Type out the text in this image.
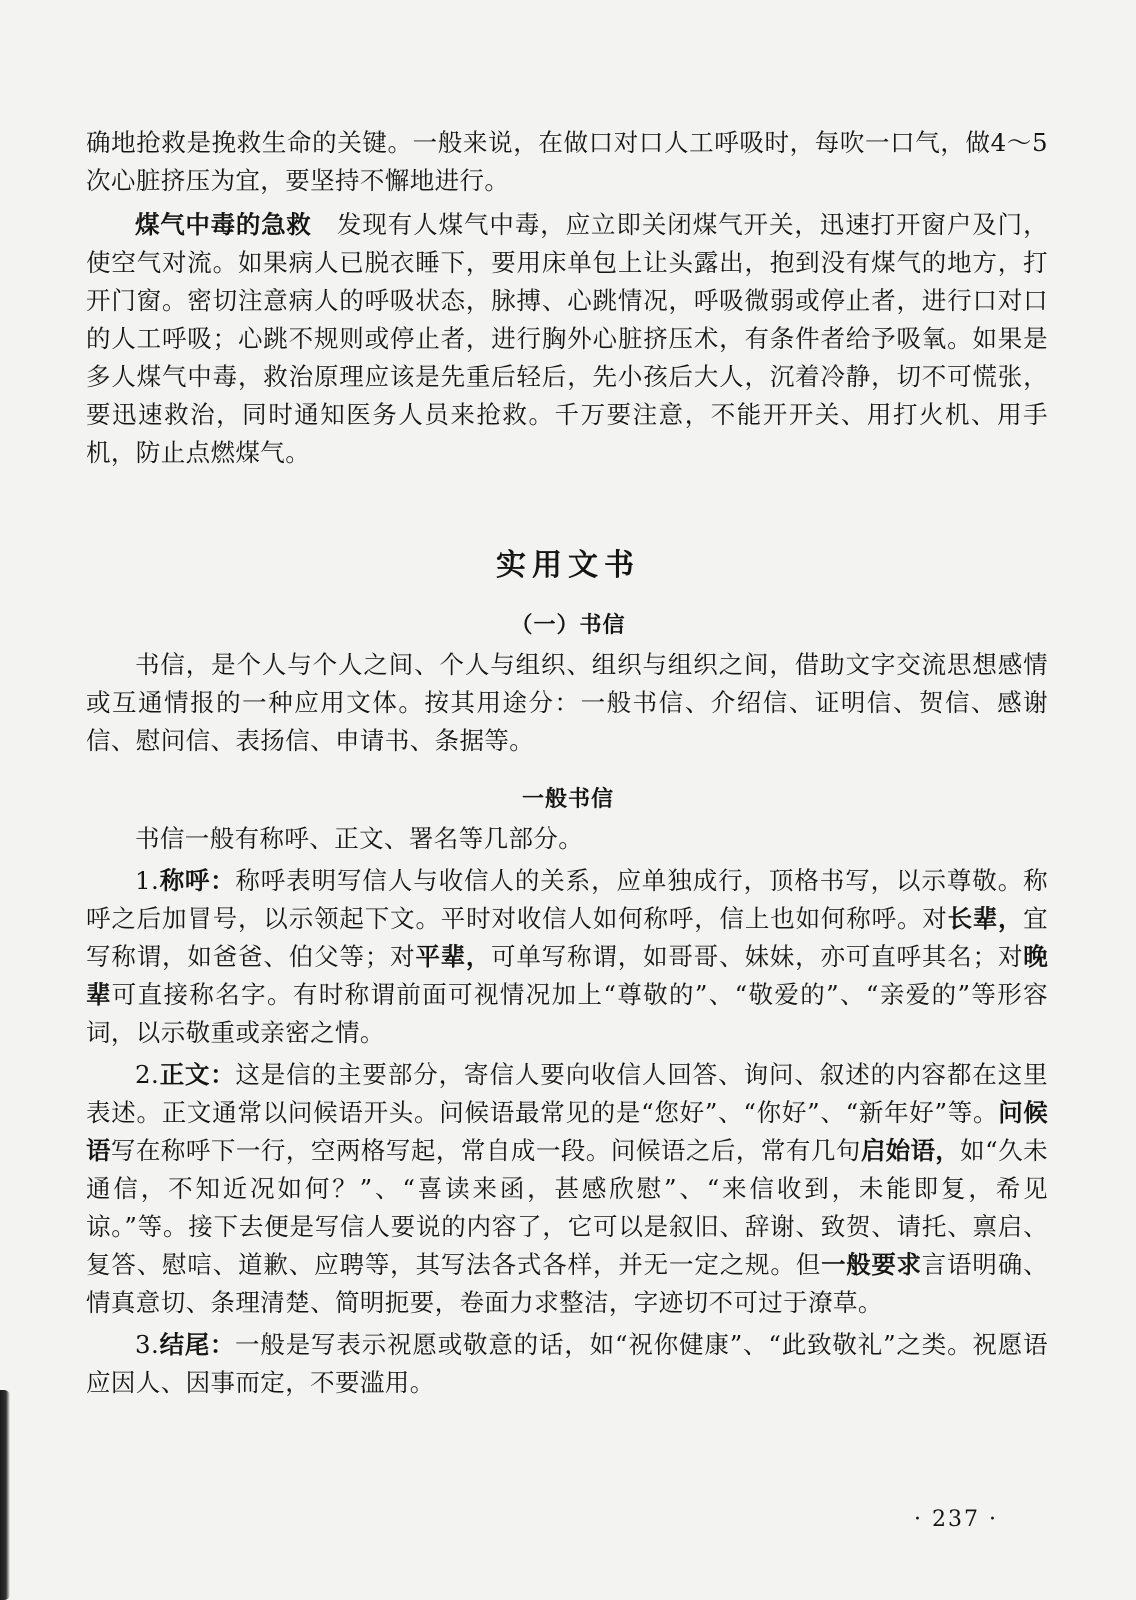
确地抢救是挽救生命的关键。一般来说，在做口对口人工呼吸时，每吹一口气，做4～5次心脏挤压为宜，要坚持不懈地进行。

煤气中毒的急救  发现有人煤气中毒，应立即关闭煤气开关，迅速打开窗户及门，使空气对流。如果病人已脱衣睡下，要用床单包上让头露出，抱到没有煤气的地方，打开门窗。密切注意病人的呼吸状态，脉搏、心跳情况，呼吸微弱或停止者，进行口对口的人工呼吸；心跳不规则或停止者，进行胸外心脏挤压术，有条件者给予吸氧。如果是多人煤气中毒，救治原理应该是先重后轻后，先小孩后大人，沉着冷静，切不可慌张，要迅速救治，同时通知医务人员来抢救。千万要注意，不能开开关、用打火机、用手机，防止点燃煤气。

实用文书
（一）书信

书信，是个人与个人之间、个人与组织、组织与组织之间，借助文字交流思想感情或互通情报的一种应用文体。按其用途分：一般书信、介绍信、证明信、贺信、感谢信、慰问信、表扬信、申请书、条据等。

一般书信

书信一般有称呼、正文、署名等几部分。

1.称呼：称呼表明写信人与收信人的关系，应单独成行，顶格书写，以示尊敬。称呼之后加冒号，以示领起下文。平时对收信人如何称呼，信上也如何称呼。对长辈，宜写称谓，如爸爸、伯父等；对平辈，可单写称谓，如哥哥、妹妹，亦可直呼其名；对晚辈可直接称名字。有时称谓前面可视情况加上“尊敬的”、“敬爱的”、“亲爱的”等形容词，以示敬重或亲密之情。

2.正文：这是信的主要部分，寄信人要向收信人回答、询问、叙述的内容都在这里表述。正文通常以问候语开头。问候语最常见的是“您好”、“你好”、“新年好”等。问候语写在称呼下一行，空两格写起，常自成一段。问候语之后，常有几句启始语，如“久未通信，不知近况如何？”、“喜读来函，甚感欣慰”、“来信收到，未能即复，希见谅。”等。接下去便是写信人要说的内容了，它可以是叙旧、辞谢、致贺、请托、禀启、复答、慰唁、道歉、应聘等，其写法各式各样，并无一定之规。但一般要求言语明确、情真意切、条理清楚、简明扼要，卷面力求整洁，字迹切不可过于潦草。

3.结尾：一般是写表示祝愿或敬意的话，如“祝你健康”、“此致敬礼”之类。祝愿语应因人、因事而定，不要滥用。

· 237 ·
